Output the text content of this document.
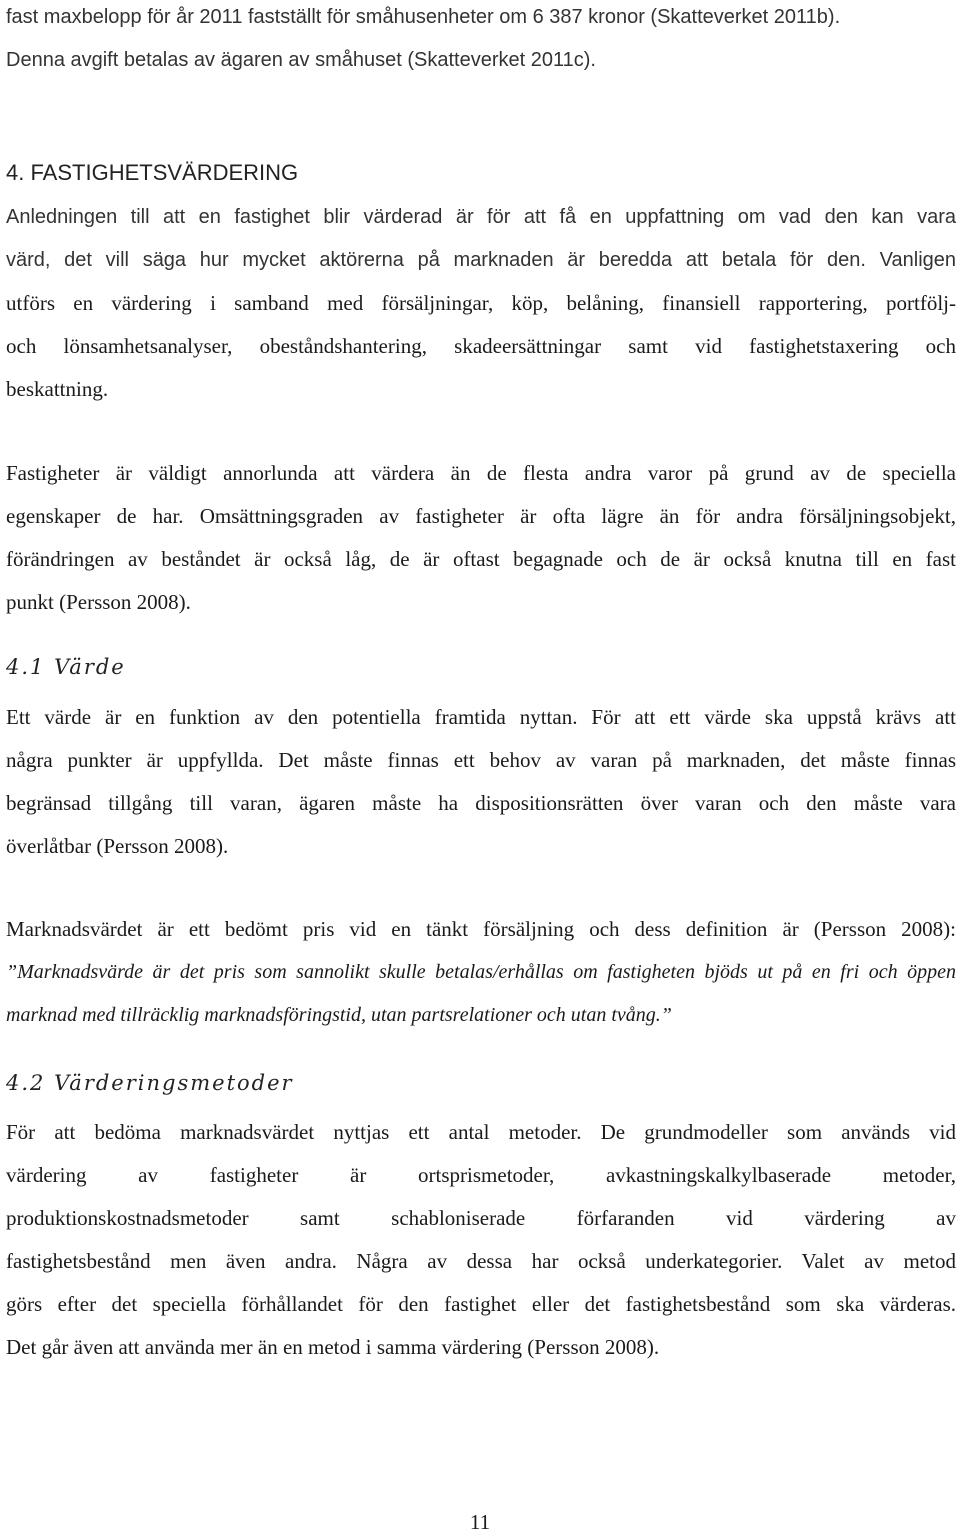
fast maxbelopp för år 2011 fastställt för småhusenheter om 6 387 kronor (Skatteverket 2011b).

Denna avgift betalas av ägaren av småhuset (Skatteverket 2011c).

4. FASTIGHETSVÄRDERING

Anledningen till att en fastighet blir värderad är för att få en uppfattning om vad den kan vara

värd, det vill säga hur mycket aktörerna på marknaden är beredda att betala för den. Vanligen

utförs en värdering i samband med försäljningar, köp, belåning, finansiell rapportering, portfölj-

och lönsamhetsanalyser, obeståndshantering, skadeersättningar samt vid fastighetstaxering och

beskattning.

Fastigheter är väldigt annorlunda att värdera än de flesta andra varor på grund av de speciella

egenskaper de har. Omsättningsgraden av fastigheter är ofta lägre än för andra försäljningsobjekt,

förändringen av beståndet är också låg, de är oftast begagnade och de är också knutna till en fast

punkt (Persson 2008).

4.1 Värde

Ett värde är en funktion av den potentiella framtida nyttan. För att ett värde ska uppstå krävs att

några punkter är uppfyllda. Det måste finnas ett behov av varan på marknaden, det måste finnas

begränsad tillgång till varan, ägaren måste ha dispositionsrätten över varan och den måste vara

överlåtbar (Persson 2008).

Marknadsvärdet är ett bedömt pris vid en tänkt försäljning och dess definition är (Persson 2008):

”Marknadsvärde är det pris som sannolikt skulle betalas/erhållas om fastigheten bjöds ut på en fri och öppen

marknad med tillräcklig marknadsföringstid, utan partsrelationer och utan tvång.”

4.2 Värderingsmetoder

För att bedöma marknadsvärdet nyttjas ett antal metoder. De grundmodeller som används vid

värdering av fastigheter är ortsprismetoder, avkastningskalkylbaserade metoder,

produktionskostnadsmetoder samt schabloniserade förfaranden vid värdering av

fastighetsbestånd men även andra. Några av dessa har också underkategorier. Valet av metod

görs efter det speciella förhållandet för den fastighet eller det fastighetsbestånd som ska värderas.

Det går även att använda mer än en metod i samma värdering (Persson 2008).

11
